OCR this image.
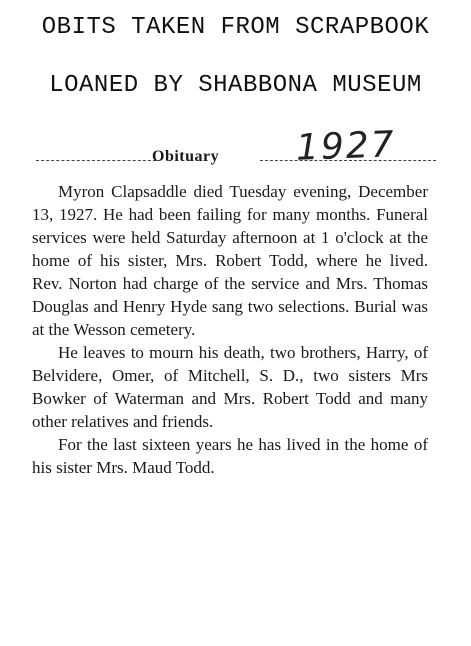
OBITS TAKEN FROM SCRAPBOOK
LOANED BY SHABBONA MUSEUM
Obituary 1927

Myron Clapsaddle died Tuesday evening, December 13, 1927. He had been failing for many months. Funeral services were held Saturday afternoon at 1 o'clock at the home of his sister, Mrs. Robert Todd, where he lived. Rev. Norton had charge of the service and Mrs. Thomas Douglas and Henry Hyde sang two selections. Burial was at the Wesson cemetery.

He leaves to mourn his death, two brothers, Harry, of Belvidere, Omer, of Mitchell, S. D., two sisters Mrs Bowker of Waterman and Mrs. Robert Todd and many other relatives and friends.

For the last sixteen years he has lived in the home of his sister Mrs. Maud Todd.
